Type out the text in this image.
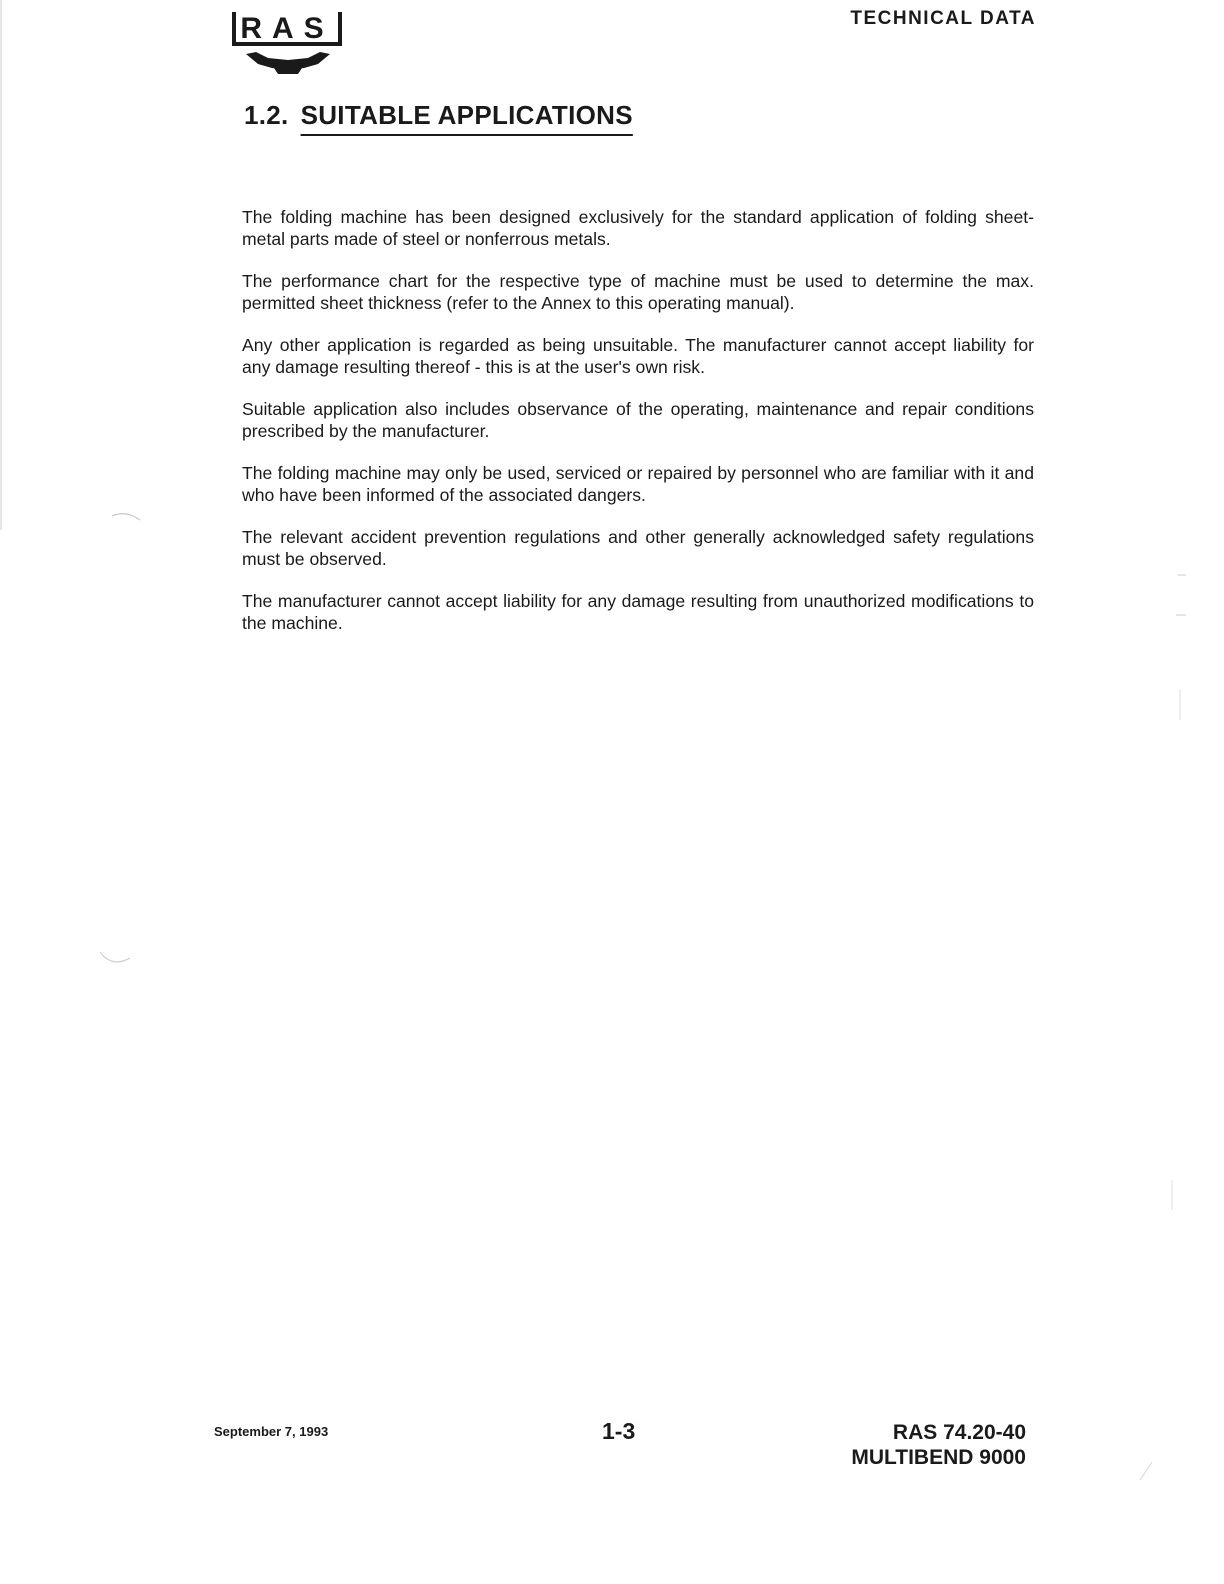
RAS	TECHNICAL DATA
1.2. SUITABLE APPLICATIONS

The folding machine has been designed exclusively for the standard application of folding sheet-metal parts made of steel or nonferrous metals.

The performance chart for the respective type of machine must be used to determine the max. permitted sheet thickness (refer to the Annex to this operating manual).

Any other application is regarded as being unsuitable. The manufacturer cannot accept liability for any damage resulting thereof - this is at the user's own risk.

Suitable application also includes observance of the operating, maintenance and repair conditions prescribed by the manufacturer.

The folding machine may only be used, serviced or repaired by personnel who are familiar with it and who have been informed of the associated dangers.

The relevant accident prevention regulations and other generally acknowledged safety regulations must be observed.

The manufacturer cannot accept liability for any damage resulting from unauthorized modifications to the machine.

September 7, 1993	1-3	RAS 74.20-40
MULTIBEND 9000
